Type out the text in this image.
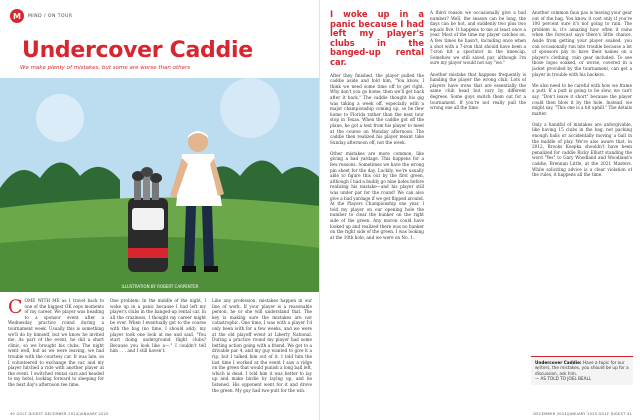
M	MIND / ON TOUR
Undercover Caddie
We make plenty of mistakes, but some are worse than others
ILLUSTRATION BY ROBERT CARPENTER
C OME WITH ME as I travel back to one of the biggest OK oops moments of my career. We player was heading to a sponsor event after a Wednesday practice round during a tournament week. Usually this is something we'll do by himself, but we know he invited me. As part of the event, he did a short clinic, so we brought his clubs. The night went well, but as we were leaving, we had trouble with the courtesy car. It was late, so I volunteered to exchange the car, and my player hitched a ride with another player at the event. I switched rental cars and headed to my hotel, looking forward to sleeping for the next day's afternoon tee time.
One problem: In the middle of the night, I woke up in a panic because I had left my player's clubs in the banged-up rental car. In all the craziness, I thought my career might be over. When I eventually got to the course with the bag (no time, I should add), my player took one look at me and said, "You start doing underground flight clubs? Because you look like a—." I couldn't tell him . . . and I still haven't.
Like any profession, mistakes happen in our line of work. If your player is a reasonable person, he or she will understand that. The key is making sure the mistakes are not catastrophic. One time, I was with a player I'd only been with for a few weeks, and we were at the old playoff event at Liberty National. During a practice round my player had some betting action going with a friend. We got to a drivable par 4, and my guy wanted to give it a rip, but I talked him out of it. I told him the last time I worked at the event I saw a ridge on the green that would punish a long ball left, which is dead. I told him it was better to lay up and make birdie by laying up, and he listened. His opponent went for it and drove the green. My guy had two-putt for the win.
40 GOLF DIGEST DECEMBER 2024/JANUARY 2025	DECEMBER 2024/JANUARY 2025 GOLF DIGEST 41
I woke up in a panic because I had left my player's clubs in the banged-up rental car.
After they finished, the player pulled the caddie aside and told him, "You know, I think we need some time off to get right. Why don't you go home, then we'll get back after it back." The caddie thought his gig was taking a week off, especially with a major championship coming up, so he flew home to Florida rather than the next tour stop in Texas. When the caddie got off the plane, he got a text from his player to meet at the course on Monday afternoon. The caddie then realized his player meant take Sunday afternoon off, not the week.

Other mistakes are more common, like giving a bad yardage. This happens for a few reasons. Sometimes we have the wrong pin sheet for the day. Luckily, we're usually able to figure this out by the first green, although I had a buddy go nine holes before realizing his mistake—and his player still was under par for the round! We can also give a bad yardage if we get flipped around. At the Players Championship one year, I told my player on our opening hole the number to clear the bunker on the right side of the green. Any moron could have looked up and realized there was no bunker on the right side of the green. I was looking at the 10th hole, and we were on No. 1.
A third reason we occasionally give a bad number? Well, the season can be long, the days can be hot, and suddenly two plus two equals five. It happens to me at least once a year. Most of the time my player catches on. A few times he hasn't, including once when a shot with a 7-iron that should have been a 7-iron hit a spectator in the kneecap. Somehow we still saved par, although I'm sure my player would not say "we."

Another mistake that happens frequently is handing the player the wrong club. Lots of players have irons that are essentially the same club head but vary by different degrees. Some guys switch them out for a tournament. If you're not really pull the wrong one all the time.
Another common faux pas is leaving your gear out of the bag. You know it cost only if you're 100 percent sure it's not going to rain. The problem is, it's amazing how often it rains when the forecast says there's little chance. Aside from getting your player soaked, you can occasionally run into trouble because a lot of sponsors pay to have their names on a player's clothing, rain gear included. To see those logos soaked, or worse, covered in a jacket provided by the tournament, can get a player in trouble with his backers.

We also need to be careful with how we frame a putt. If a putt is going to be slow, we can't say, "Don't leave it short" because the player could then blow it by the hole. Instead, we might say, "This one is a bit uphill." The details matter.

Only a handful of mistakes are unforgivable, like having 15 clubs in the bag, not packing enough balls or accidentally moving a ball in the middle of play. We're also aware that, in 2012, Brooks Koepka shouldn't have been penalized for caddie Ricky Elliott standing the word "Yes" to Gary Woodland and Woodland's caddie, Brennan Little, at the 2021 Masters. While soliciting advice is a clear violation of the rules, it happens all the time.
Undercover Caddie: Have a topic for our writers, the mistakes, you should be up for a discussion, ask him.
— AS TOLD TO JOEL BEALL
